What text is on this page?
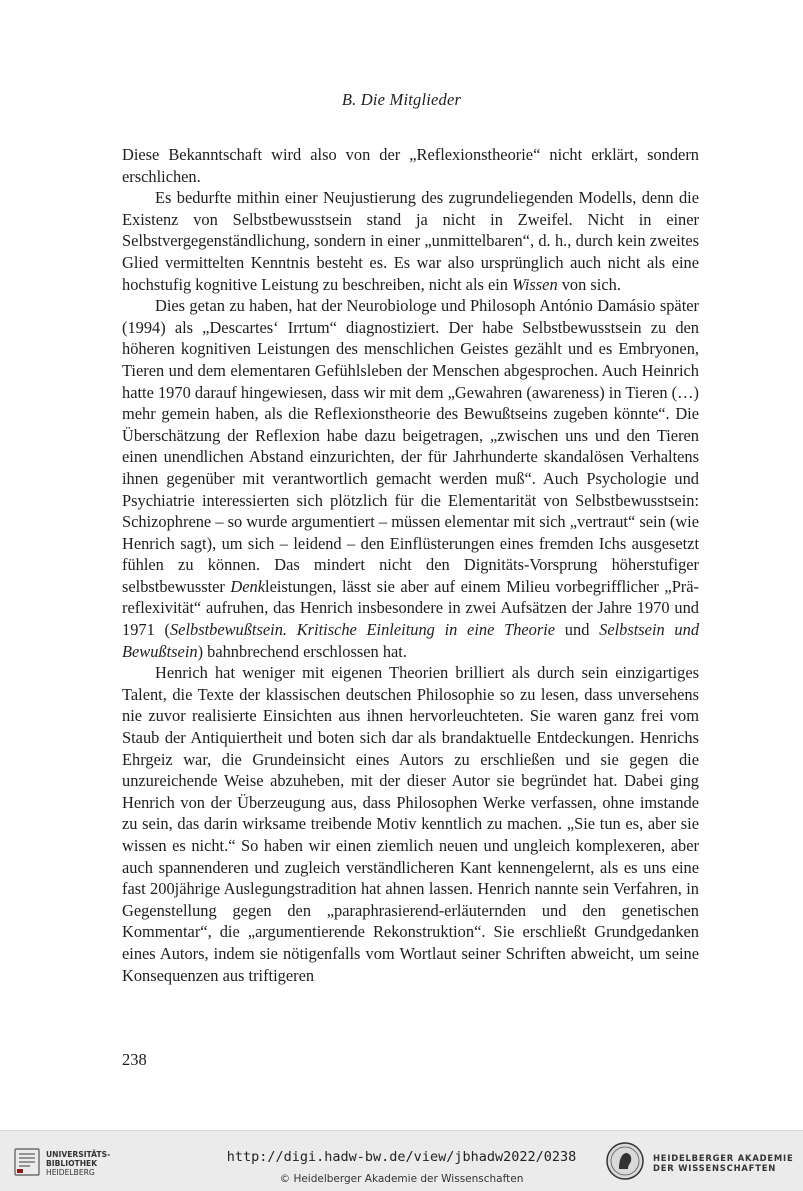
B. Die Mitglieder

Diese Bekanntschaft wird also von der „Reflexionstheorie“ nicht erklärt, sondern erschlichen.

Es bedurfte mithin einer Neujustierung des zugrundeliegenden Modells, denn die Existenz von Selbstbewusstsein stand ja nicht in Zweifel. Nicht in einer Selbstvergegenständlichung, sondern in einer „unmittelbaren“, d. h., durch kein zweites Glied vermittelten Kenntnis besteht es. Es war also ursprünglich auch nicht als eine hochstufig kognitive Leistung zu beschreiben, nicht als ein Wissen von sich.

Dies getan zu haben, hat der Neurobiologe und Philosoph António Damásio später (1994) als „Descartes‘ Irrtum“ diagnostiziert. Der habe Selbstbewusstsein zu den höheren kognitiven Leistungen des menschlichen Geistes gezählt und es Embryonen, Tieren und dem elementaren Gefühlsleben der Menschen abgesprochen. Auch Heinrich hatte 1970 darauf hingewiesen, dass wir mit dem „Gewahren (awareness) in Tieren (…) mehr gemein haben, als die Reflexionstheorie des Bewußtseins zugeben könnte“. Die Überschätzung der Reflexion habe dazu beigetragen, „zwischen uns und den Tieren einen unendlichen Abstand einzurichten, der für Jahrhunderte skandalösen Verhaltens ihnen gegenüber mit verantwortlich gemacht werden muß“. Auch Psychologie und Psychiatrie interessierten sich plötzlich für die Elementarität von Selbstbewusstsein: Schizophrene – so wurde argumentiert – müssen elementar mit sich „vertraut“ sein (wie Henrich sagt), um sich – leidend – den Einflüsterungen eines fremden Ichs ausgesetzt fühlen zu können. Das mindert nicht den Dignitäts-Vorsprung höherstufiger selbstbewusster Denkleistungen, lässt sie aber auf einem Milieu vorbegrifflicher „Prä-reflexivität“ aufruhen, das Henrich insbesondere in zwei Aufsätzen der Jahre 1970 und 1971 (Selbstbewußtsein. Kritische Einleitung in eine Theorie und Selbstsein und Bewußtsein) bahnbrechend erschlossen hat.

Henrich hat weniger mit eigenen Theorien brilliert als durch sein einzigartiges Talent, die Texte der klassischen deutschen Philosophie so zu lesen, dass unversehens nie zuvor realisierte Einsichten aus ihnen hervorleuchteten. Sie waren ganz frei vom Staub der Antiquiertheit und boten sich dar als brandaktuelle Entdeckungen. Henrichs Ehrgeiz war, die Grundeinsicht eines Autors zu erschließen und sie gegen die unzureichende Weise abzuheben, mit der dieser Autor sie begründet hat. Dabei ging Henrich von der Überzeugung aus, dass Philosophen Werke verfassen, ohne imstande zu sein, das darin wirksame treibende Motiv kenntlich zu machen. „Sie tun es, aber sie wissen es nicht.“ So haben wir einen ziemlich neuen und ungleich komplexeren, aber auch spannenderen und zugleich verständlicheren Kant kennengelernt, als es uns eine fast 200jährige Auslegungstradition hat ahnen lassen. Henrich nannte sein Verfahren, in Gegenstellung gegen den „paraphrasierend-erläuternden und den genetischen Kommentar“, die „argumentierende Rekonstruktion“. Sie erschließt Grundgedanken eines Autors, indem sie nötigenfalls vom Wortlaut seiner Schriften abweicht, um seine Konsequenzen aus triftigeren

238
UNIVERSITÄTS-
BIBLIOTHEK
HEIDELBERG
http://digi.hadw-bw.de/view/jbhadw2022/0238
© Heidelberger Akademie der Wissenschaften
HEIDELBERGER AKADEMIE
DER WISSENSCHAFTEN
